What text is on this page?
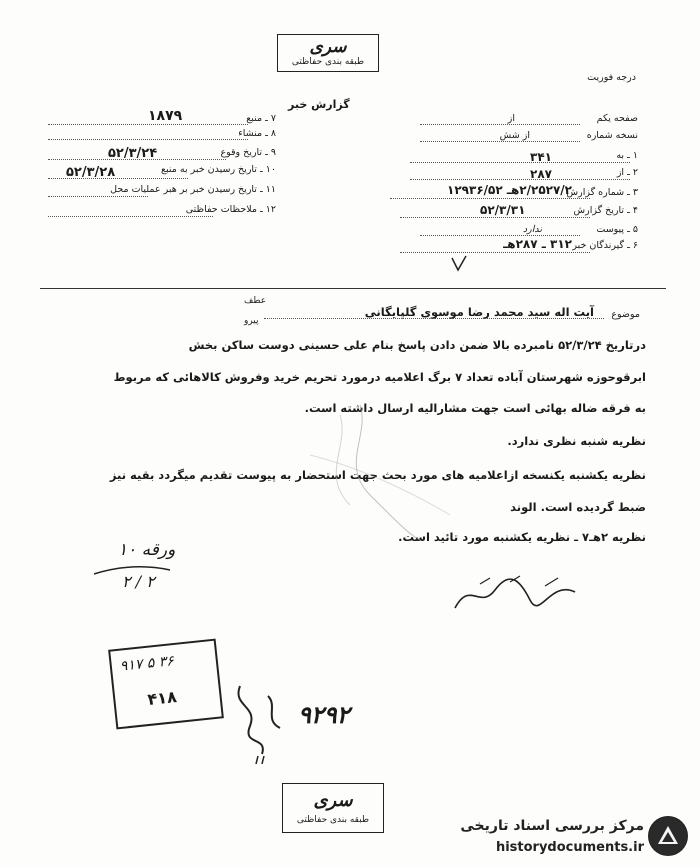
سری
طبقه بندی حفاظتی
درجه فوریت
گزارش خبر
۷ ـ منبع
۱۸۷۹
۸ ـ منشاء
۹ ـ تاریخ وقوع
۵۲/۳/۲۴
۱۰ ـ تاریخ رسیدن خبر به منبع
۵۲/۳/۲۸
۱۱ ـ تاریخ رسیدن خبر بر هبر عملیات محل
۱۲ ـ ملاحظات حفاظتی
صفحه یکم
از
نسخه شماره
از شش
۱ ـ به
۳۴۱
۲ ـ از
۲۸۷
۳ ـ شماره گزارش
۲/۲۵۲۷/۲هـ ۱۲۹۳۶/۵۲
۴ ـ تاریخ گزارش
۵۲/۳/۳۱
۵ ـ پیوست
ندارد
۶ ـ گیرندگان خبر
۳۱۲ ـ ۲۸۷هـ
موضوع
آیت اله سید محمد رضا موسوی گلپایگانی
عطف
پیرو
درتاریخ ۵۲/۳/۲۴ نامبرده بالا ضمن دادن پاسخ بنام علی حسینی دوست ساکن بخش
ابرقوحوزه شهرستان آباده تعداد ۷ برگ اعلامیه درمورد تحریم خرید وفروش کالاهائی که مربوط
به فرقه ضاله بهائی است جهت مشارالیه ارسال داشته است.
نظریه شنبه نظری ندارد.
نظریه یکشنبه یکنسخه ازاعلامیه های مورد بحث جهت استحضار به پیوست تقدیم میگردد بقیه نیز
ضبط گردیده است. الوند
نظریه ۲هـ۷ ـ نظریه یکشنبه مورد تائید است.
۱۰ ورقه
۲ / ۲
۹۱۷ ۵ ۳۶
۴۱۸
۹۲۹۲
سری
طبقه بندی حفاظتی	مرکز بررسی اسناد تاریخی
historydocuments.ir
